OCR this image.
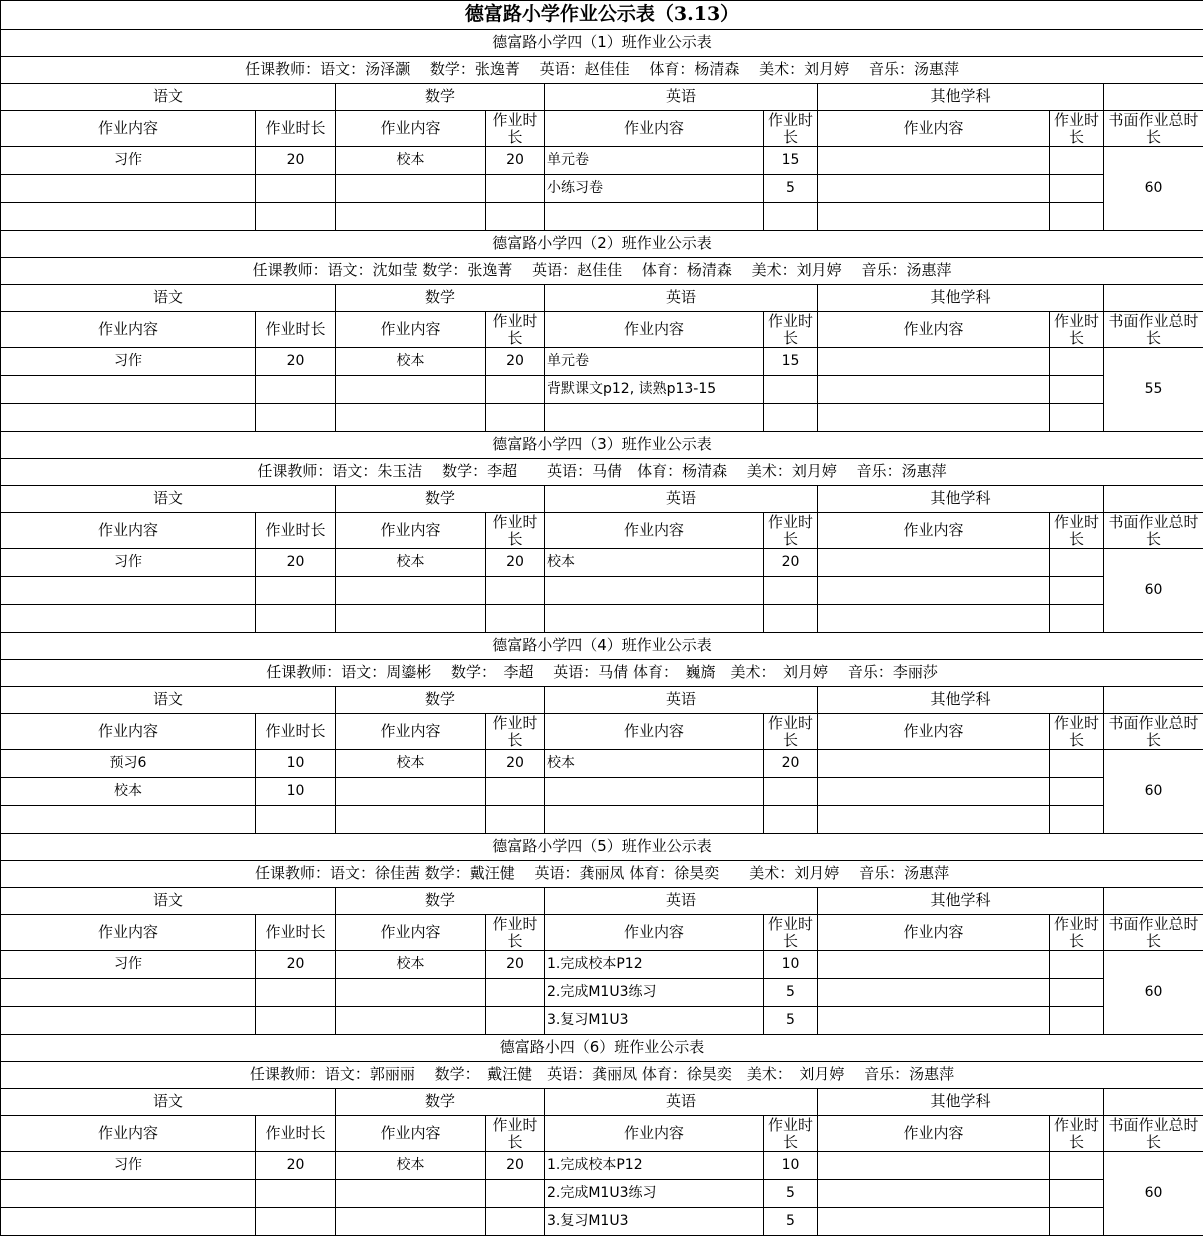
德富路小学作业公示表（3.13）								
德富路小学四（1）班作业公示表								
任课教师：语文：汤泽灏　 数学：张逸菁　 英语：赵佳佳　 体育：杨清森　 美术：刘月婷　 音乐：汤惠萍								
语文		数学		英语		其他学科		
作业内容	作业时长	作业内容	作业时长	作业内容	作业时长	作业内容	作业时长	书面作业总时长
习作	20	校本	20	单元卷	15			60
				小练习卷	5			

德富路小学四（2）班作业公示表								
任课教师：语文：沈如莹 数学：张逸菁　 英语：赵佳佳　 体育：杨清森　 美术：刘月婷　 音乐：汤惠萍								
语文		数学		英语		其他学科		
作业内容	作业时长	作业内容	作业时长	作业内容	作业时长	作业内容	作业时长	书面作业总时长
习作	20	校本	20	单元卷	15			55
				背默课文p12, 读熟p13-15				

德富路小学四（3）班作业公示表								
任课教师：语文：朱玉洁　 数学：李超　　英语：马倩　体育：杨清森　 美术：刘月婷　 音乐：汤惠萍								
语文		数学		英语		其他学科		
作业内容	作业时长	作业内容	作业时长	作业内容	作业时长	作业内容	作业时长	书面作业总时长
习作	20	校本	20	校本	20			60

德富路小学四（4）班作业公示表								
任课教师：语文：周鎏彬　 数学：　李超　 英语：马倩 体育：　巍旖　美术：　刘月婷　 音乐：李丽莎								
语文		数学		英语		其他学科		
作业内容	作业时长	作业内容	作业时长	作业内容	作业时长	作业内容	作业时长	书面作业总时长
预习6	10	校本	20	校本	20			60
校本	10							

德富路小学四（5）班作业公示表								
任课教师：语文：徐佳茜 数学：戴汪健　 英语：龚丽凤 体育：徐昊奕　　美术：刘月婷　 音乐：汤惠萍								
语文		数学		英语		其他学科		
作业内容	作业时长	作业内容	作业时长	作业内容	作业时长	作业内容	作业时长	书面作业总时长
习作	20	校本	20	1.完成校本P12	10			60
				2.完成M1U3练习	5			
				3.复习M1U3	5			
德富路小四（6）班作业公示表								
任课教师：语文：郭丽丽　 数学：　戴汪健　英语：龚丽凤 体育：徐昊奕　美术：　刘月婷　 音乐：汤惠萍								
语文		数学		英语		其他学科		
作业内容	作业时长	作业内容	作业时长	作业内容	作业时长	作业内容	作业时长	书面作业总时长
习作	20	校本	20	1.完成校本P12	10			60
				2.完成M1U3练习	5			
				3.复习M1U3	5			
